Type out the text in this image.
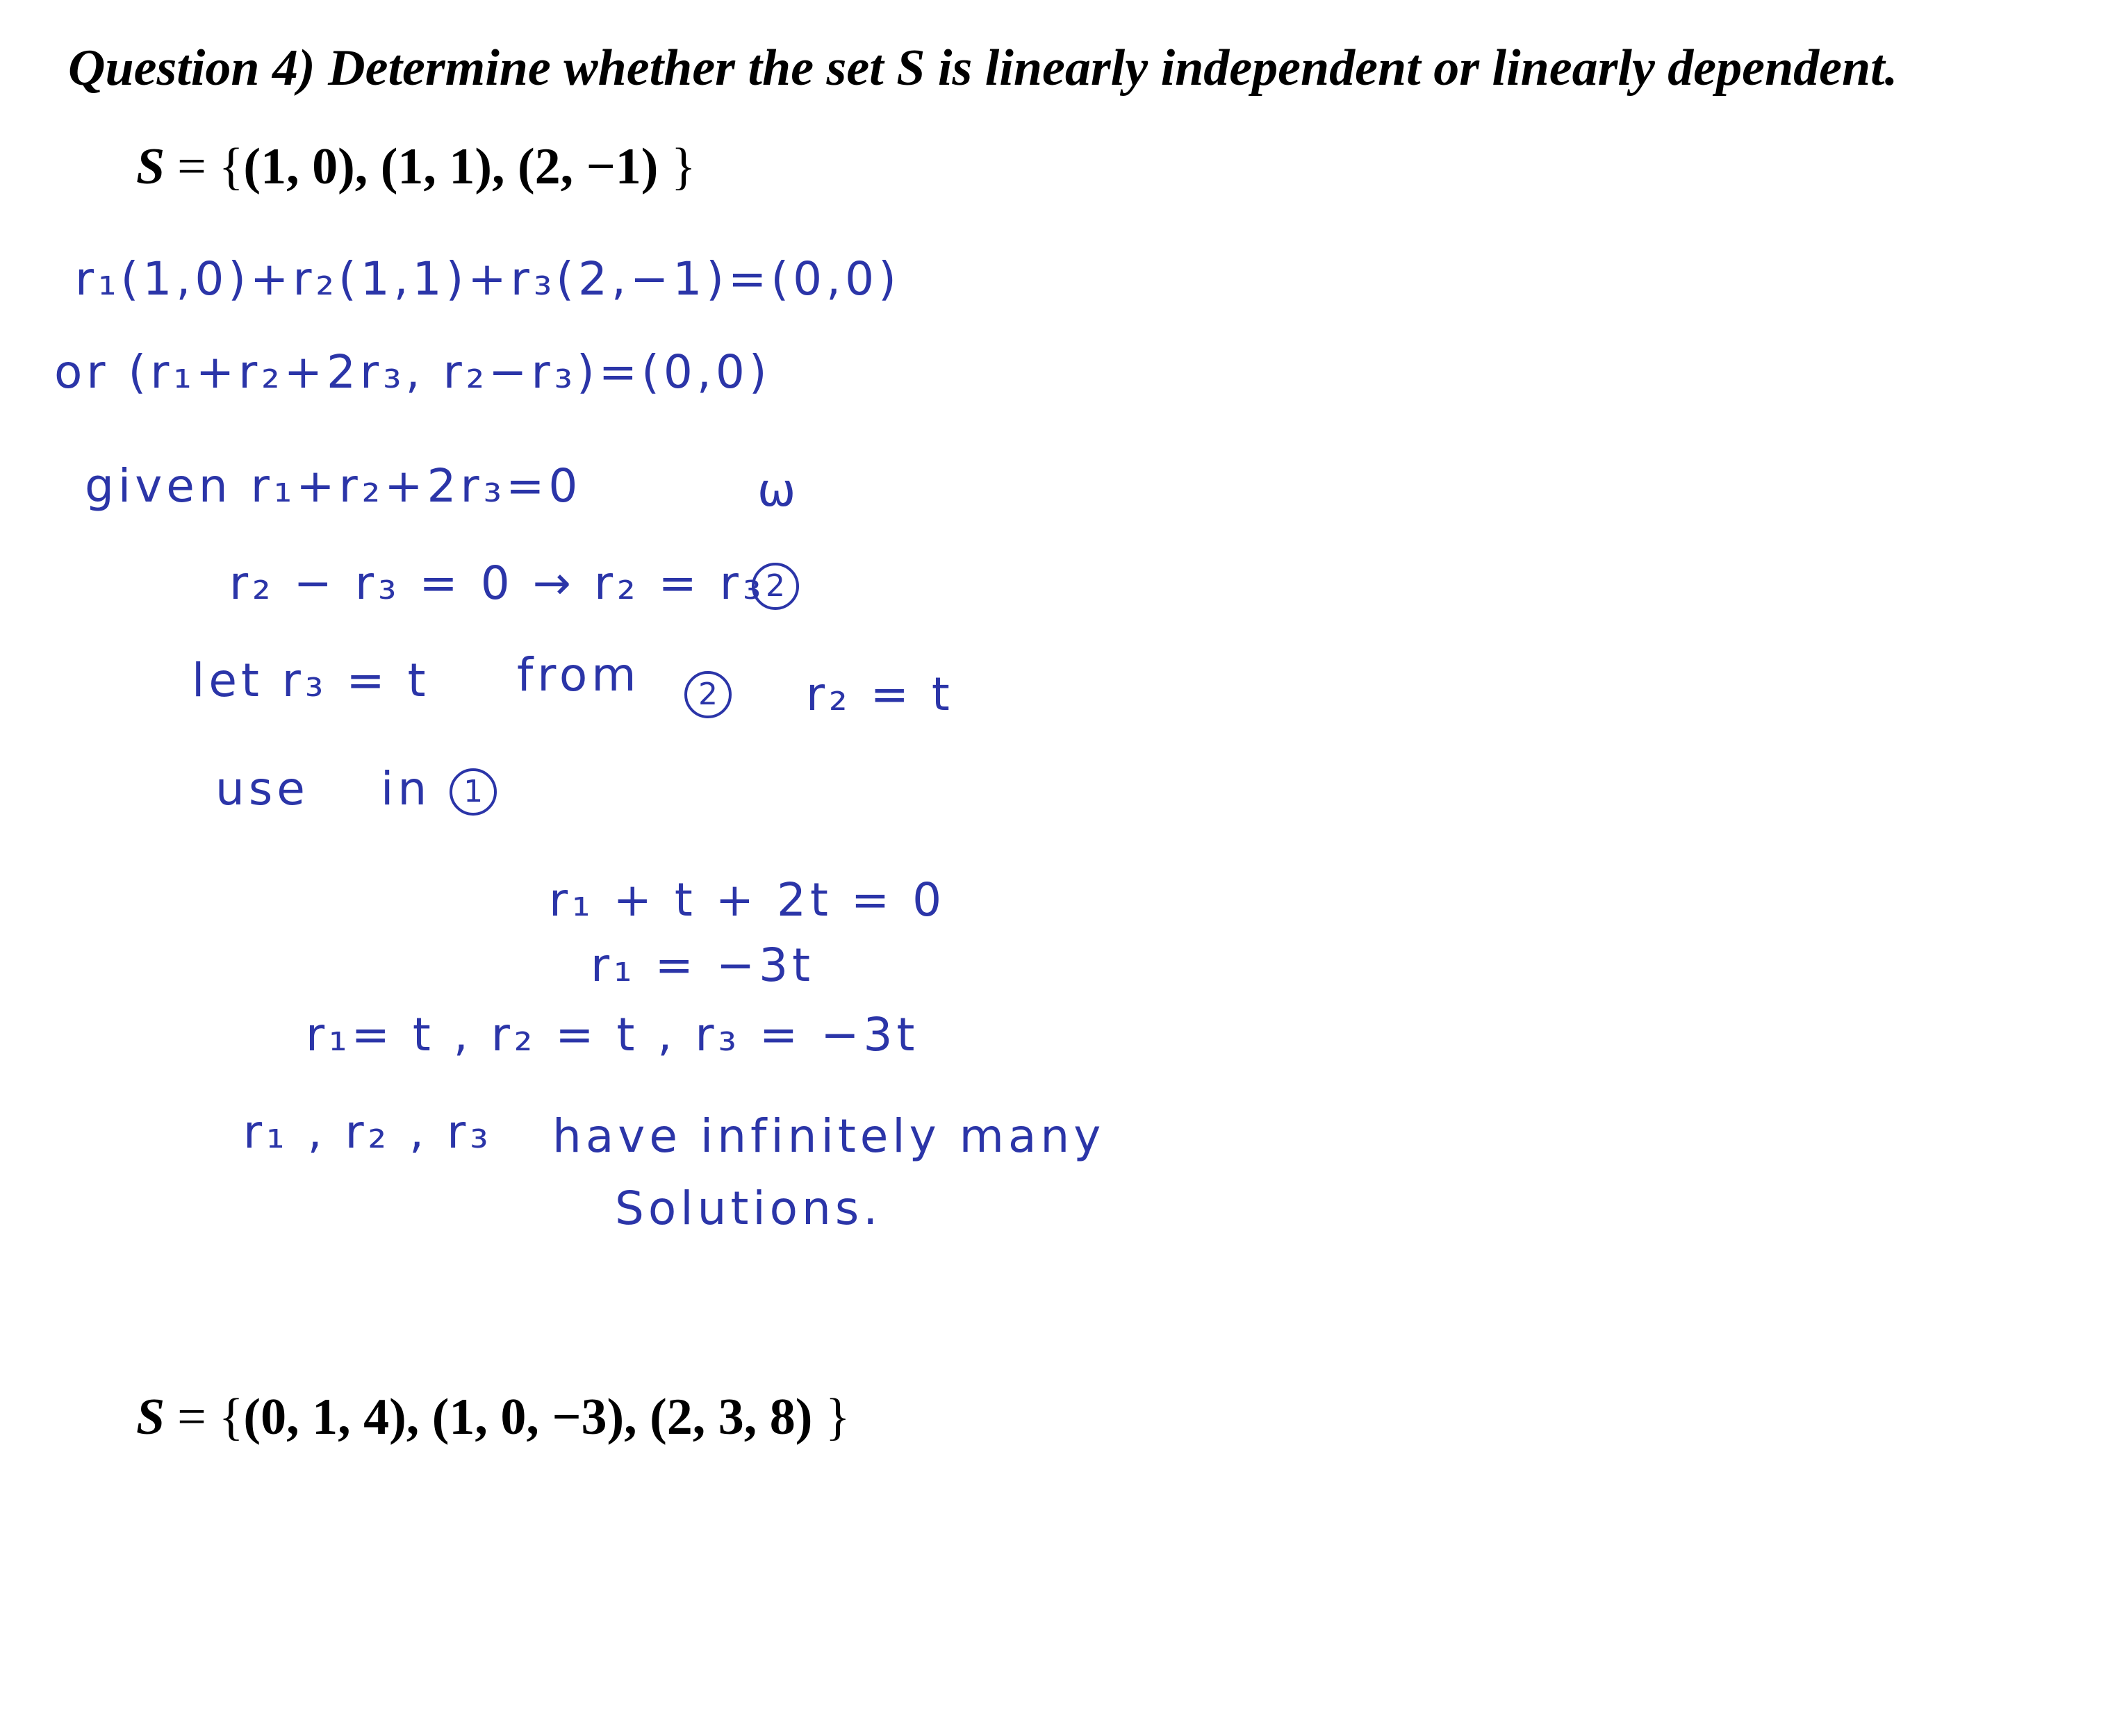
Question 4) Determine whether the set S is linearly independent or linearly dependent.
S = {(1, 0), (1, 1), (2, −1) }
r₁(1,0)+r₂(1,1)+r₃(2,−1)=(0,0)
or (r₁+r₂+2r₃, r₂−r₃)=(0,0)
given r₁+r₂+2r₃=0	ω
r₂ − r₃ = 0 → r₂ = r₃ 2
let r₃ = t from	2	r₂ = t
use in 1
r₁ + t + 2t = 0
r₁ = −3t
r₁= t , r₂ = t , r₃ = −3t
r₁ , r₂ , r₃ have infinitely many
Solutions.
S = {(0, 1, 4), (1, 0, −3), (2, 3, 8) }
